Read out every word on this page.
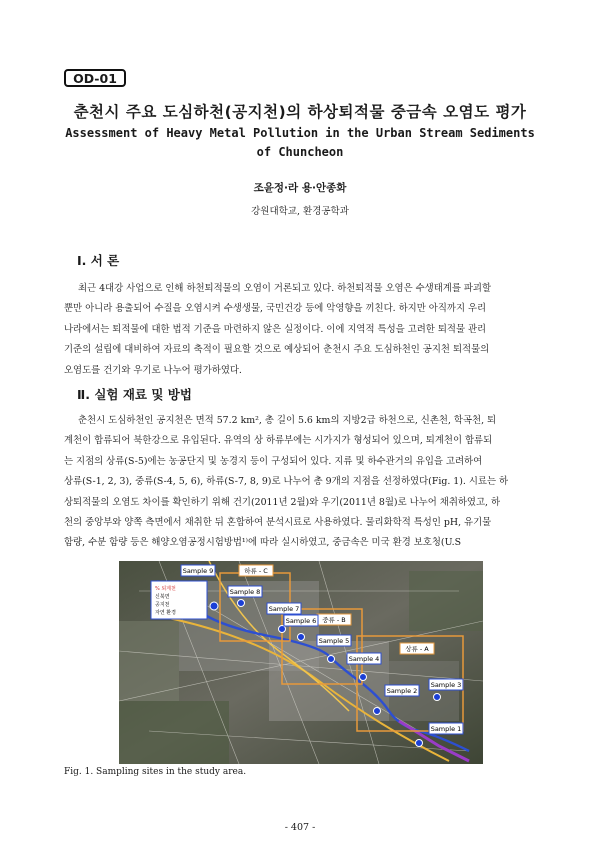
OD-01
춘천시 주요 도심하천(공지천)의 하상퇴적물 중금속 오염도 평가
Assessment of Heavy Metal Pollution in the Urban Stream Sediments
of Chuncheon
조윤정·라 용·안종화
강원대학교, 환경공학과
Ⅰ. 서 론
최근 4대강 사업으로 인해 하천퇴적물의 오염이 거론되고 있다. 하천퇴적물 오염은 수생태계를 파괴할
뿐만 아니라 용출되어 수질을 오염시켜 수생생물, 국민건강 등에 악영향을 끼친다. 하지만 아직까지 우리
나라에서는 퇴적물에 대한 법적 기준을 마련하지 않은 실정이다. 이에 지역적 특성을 고려한 퇴적물 관리
기준의 설립에 대비하여 자료의 축적이 필요할 것으로 예상되어 춘천시 주요 도심하천인 공지천 퇴적물의
오염도를 건기와 우기로 나누어 평가하였다.
Ⅱ. 실험 재료 및 방법
춘천시 도심하천인 공지천은 면적 57.2 km², 총 길이 5.6 km의 지방2급 하천으로, 신촌천, 학곡천, 퇴
계천이 합류되어 북한강으로 유입된다. 유역의 상 하류부에는 시가지가 형성되어 있으며, 퇴계천이 합류되
는 지점의 상류(S-5)에는 농공단지 및 농경지 등이 구성되어 있다. 지류 및 하수관거의 유입을 고려하여
상류(S-1, 2, 3), 중류(S-4, 5, 6), 하류(S-7, 8, 9)로 나누어 총 9개의 지점을 선정하였다(Fig. 1). 시료는 하
상퇴적물의 오염도 차이를 확인하기 위해 건기(2011년 2월)와 우기(2011년 8월)로 나누어 채취하였고, 하
천의 중앙부와 양쪽 측면에서 채취한 뒤 혼합하여 분석시료로 사용하였다. 물리화학적 특성인 pH, 유기물
함량, 수분 함량 등은 해양오염공정시험방법¹⁾에 따라 실시하였고, 중금속은 미국 환경 보호청(U.S
하류 - C
중류 - B
상류 - A
% 퇴계천
신북면
공지천
자연 환경
Sample 9
Sample 8
Sample 7
Sample 6
Sample 5
Sample 4
Sample 3
Sample 2
Sample 1
Fig. 1. Sampling sites in the study area.
- 407 -
